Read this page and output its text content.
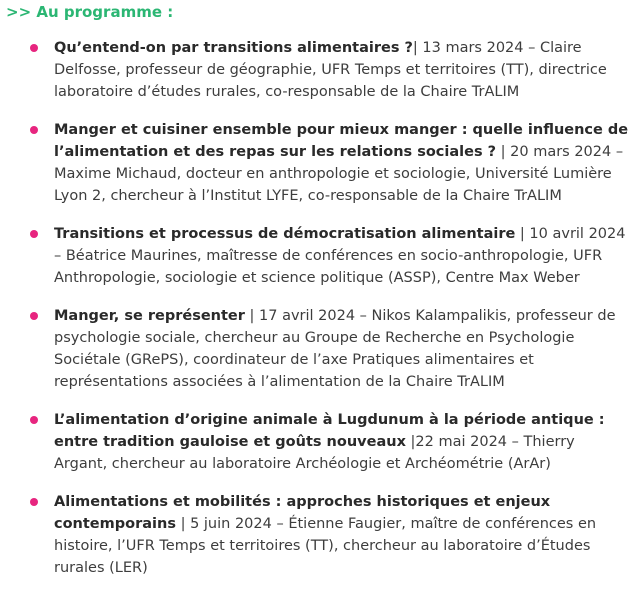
>> Au programme :
Qu’entend-on par transitions alimentaires ?| 13 mars 2024 – Claire Delfosse, professeur de géographie, UFR Temps et territoires (TT), directrice laboratoire d’études rurales, co-responsable de la Chaire TrALIM
Manger et cuisiner ensemble pour mieux manger : quelle influence de l’alimentation et des repas sur les relations sociales ? | 20 mars 2024 – Maxime Michaud, docteur en anthropologie et sociologie, Université Lumière Lyon 2, chercheur à l’Institut LYFE, co-responsable de la Chaire TrALIM
Transitions et processus de démocratisation alimentaire | 10 avril 2024 – Béatrice Maurines, maîtresse de conférences en socio-anthropologie, UFR Anthropologie, sociologie et science politique (ASSP), Centre Max Weber
Manger, se représenter | 17 avril 2024 – Nikos Kalampalikis, professeur de psychologie sociale, chercheur au Groupe de Recherche en Psychologie Sociétale (GRePS), coordinateur de l’axe Pratiques alimentaires et représentations associées à l’alimentation de la Chaire TrALIM
L’alimentation d’origine animale à Lugdunum à la période antique : entre tradition gauloise et goûts nouveaux |22 mai 2024 – Thierry Argant, chercheur au laboratoire Archéologie et Archéométrie (ArAr)
Alimentations et mobilités : approches historiques et enjeux contemporains | 5 juin 2024 – Étienne Faugier, maître de conférences en histoire, l’UFR Temps et territoires (TT), chercheur au laboratoire d’Études rurales (LER)
